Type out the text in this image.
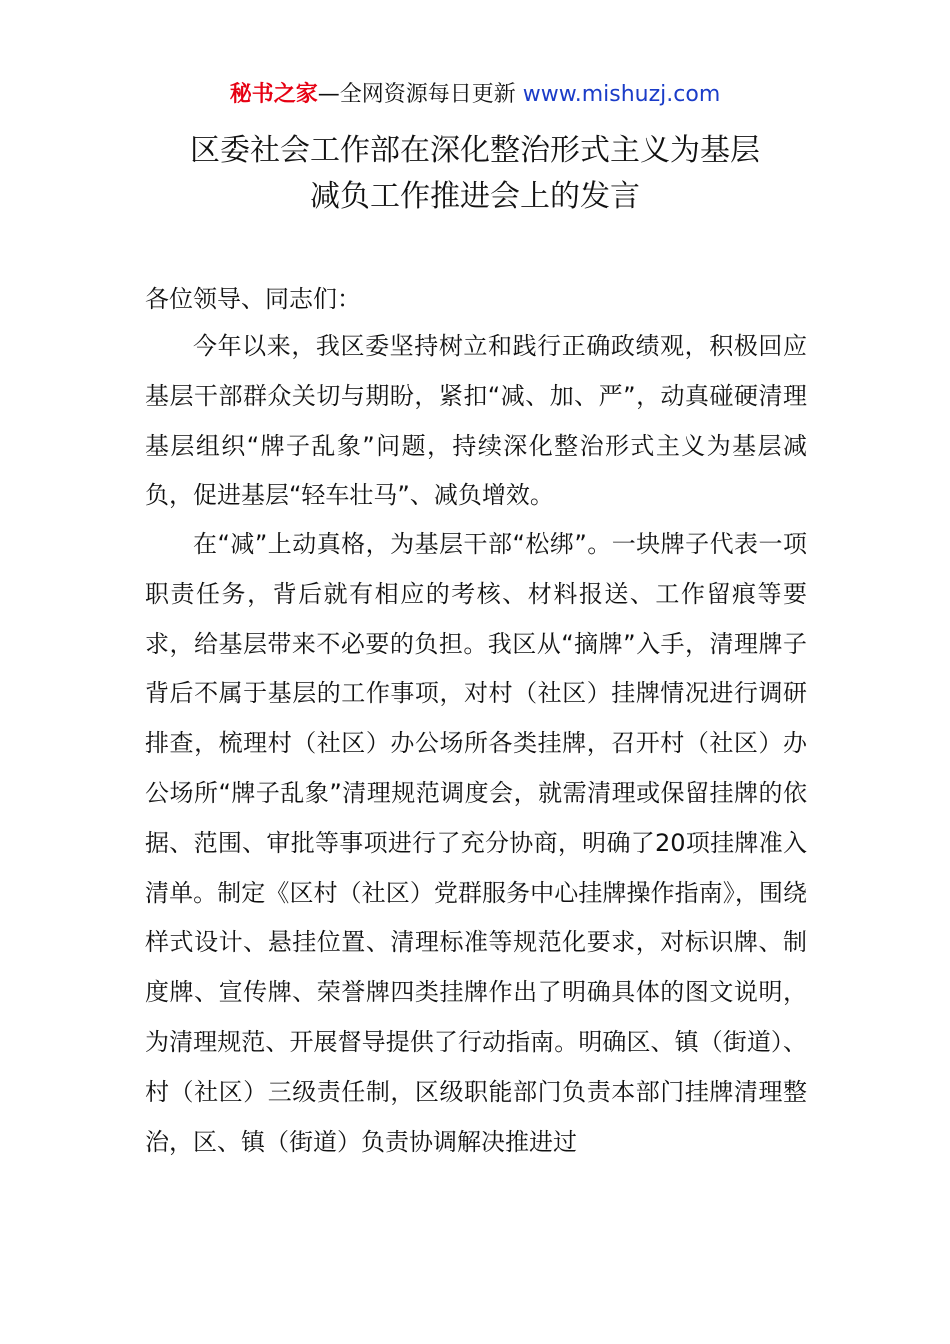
秘书之家—全网资源每日更新 www.mishuzj.com
区委社会工作部在深化整治形式主义为基层
减负工作推进会上的发言
各位领导、同志们：

今年以来，我区委坚持树立和践行正确政绩观，积极回应基层干部群众关切与期盼，紧扣“减、加、严”，动真碰硬清理基层组织“牌子乱象”问题，持续深化整治形式主义为基层减负，促进基层“轻车壮马”、减负增效。

在“减”上动真格，为基层干部“松绑”。一块牌子代表一项职责任务，背后就有相应的考核、材料报送、工作留痕等要求，给基层带来不必要的负担。我区从“摘牌”入手，清理牌子背后不属于基层的工作事项，对村（社区）挂牌情况进行调研排查，梳理村（社区）办公场所各类挂牌，召开村（社区）办公场所“牌子乱象”清理规范调度会，就需清理或保留挂牌的依据、范围、审批等事项进行了充分协商，明确了20项挂牌准入清单。制定《区村（社区）党群服务中心挂牌操作指南》，围绕样式设计、悬挂位置、清理标准等规范化要求，对标识牌、制度牌、宣传牌、荣誉牌四类挂牌作出了明确具体的图文说明，为清理规范、开展督导提供了行动指南。明确区、镇（街道）、村（社区）三级责任制，区级职能部门负责本部门挂牌清理整治，区、镇（街道）负责协调解决推进过
